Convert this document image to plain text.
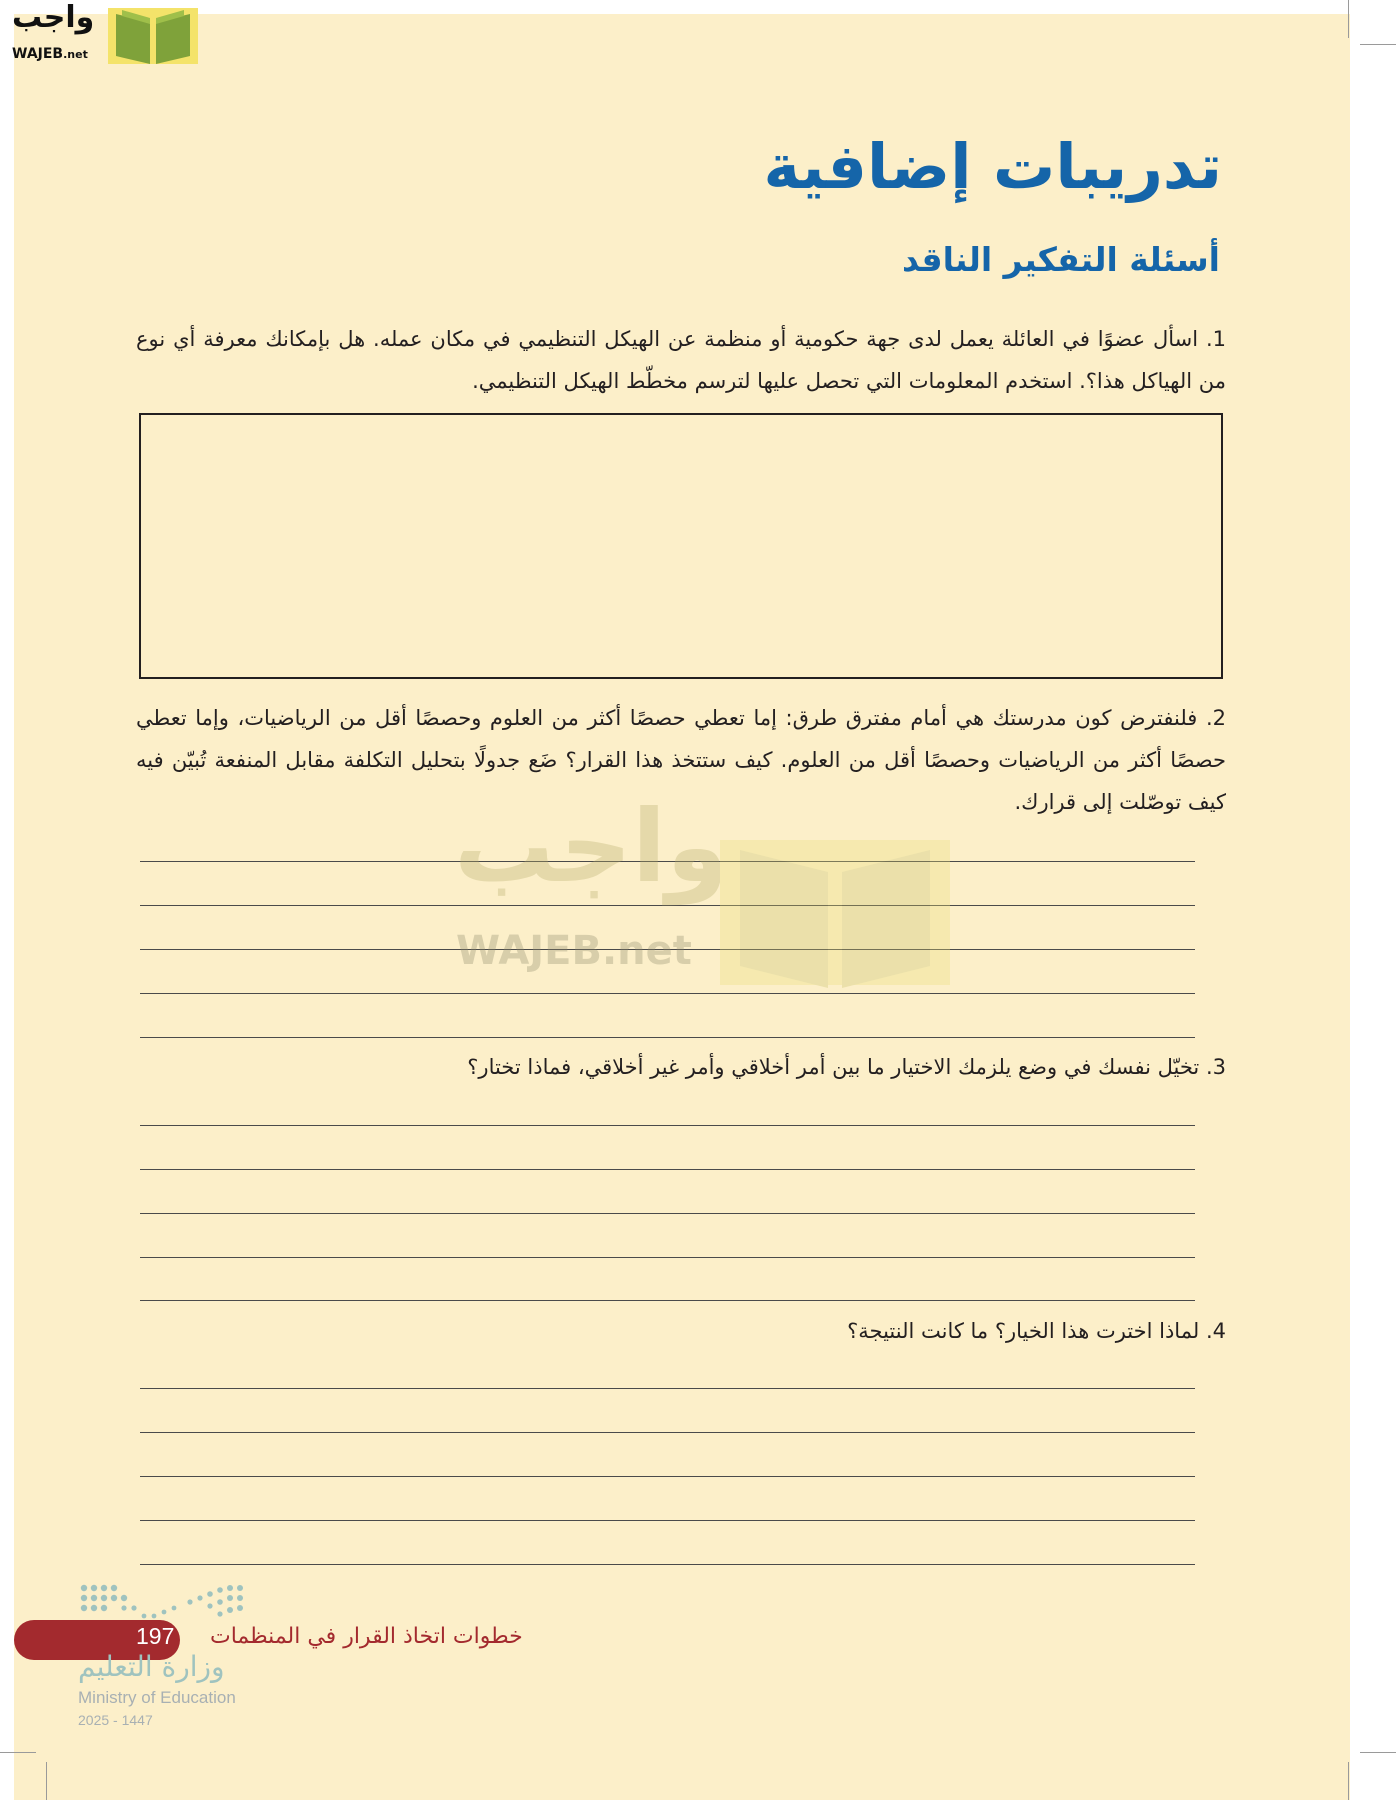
واجب
WAJEB.net
تدريبات إضافية
أسئلة التفكير الناقد
1. اسأل عضوًا في العائلة يعمل لدى جهة حكومية أو منظمة عن الهيكل التنظيمي في مكان عمله. هل بإمكانك معرفة أي نوع من الهياكل هذا؟. استخدم المعلومات التي تحصل عليها لترسم مخطّط الهيكل التنظيمي.
2. فلنفترض كون مدرستك هي أمام مفترق طرق: إما تعطي حصصًا أكثر من العلوم وحصصًا أقل من الرياضيات، وإما تعطي حصصًا أكثر من الرياضيات وحصصًا أقل من العلوم. كيف ستتخذ هذا القرار؟ ضَع جدولًا بتحليل التكلفة مقابل المنفعة تُبيّن فيه كيف توصّلت إلى قرارك.
3. تخيّل نفسك في وضع يلزمك الاختيار ما بين أمر أخلاقي وأمر غير أخلاقي، فماذا تختار؟
4. لماذا اخترت هذا الخيار؟ ما كانت النتيجة؟
واجب
WAJEB.net
197 خطوات اتخاذ القرار في المنظمات
وزارة التعليم
Ministry of Education
2025 - 1447
